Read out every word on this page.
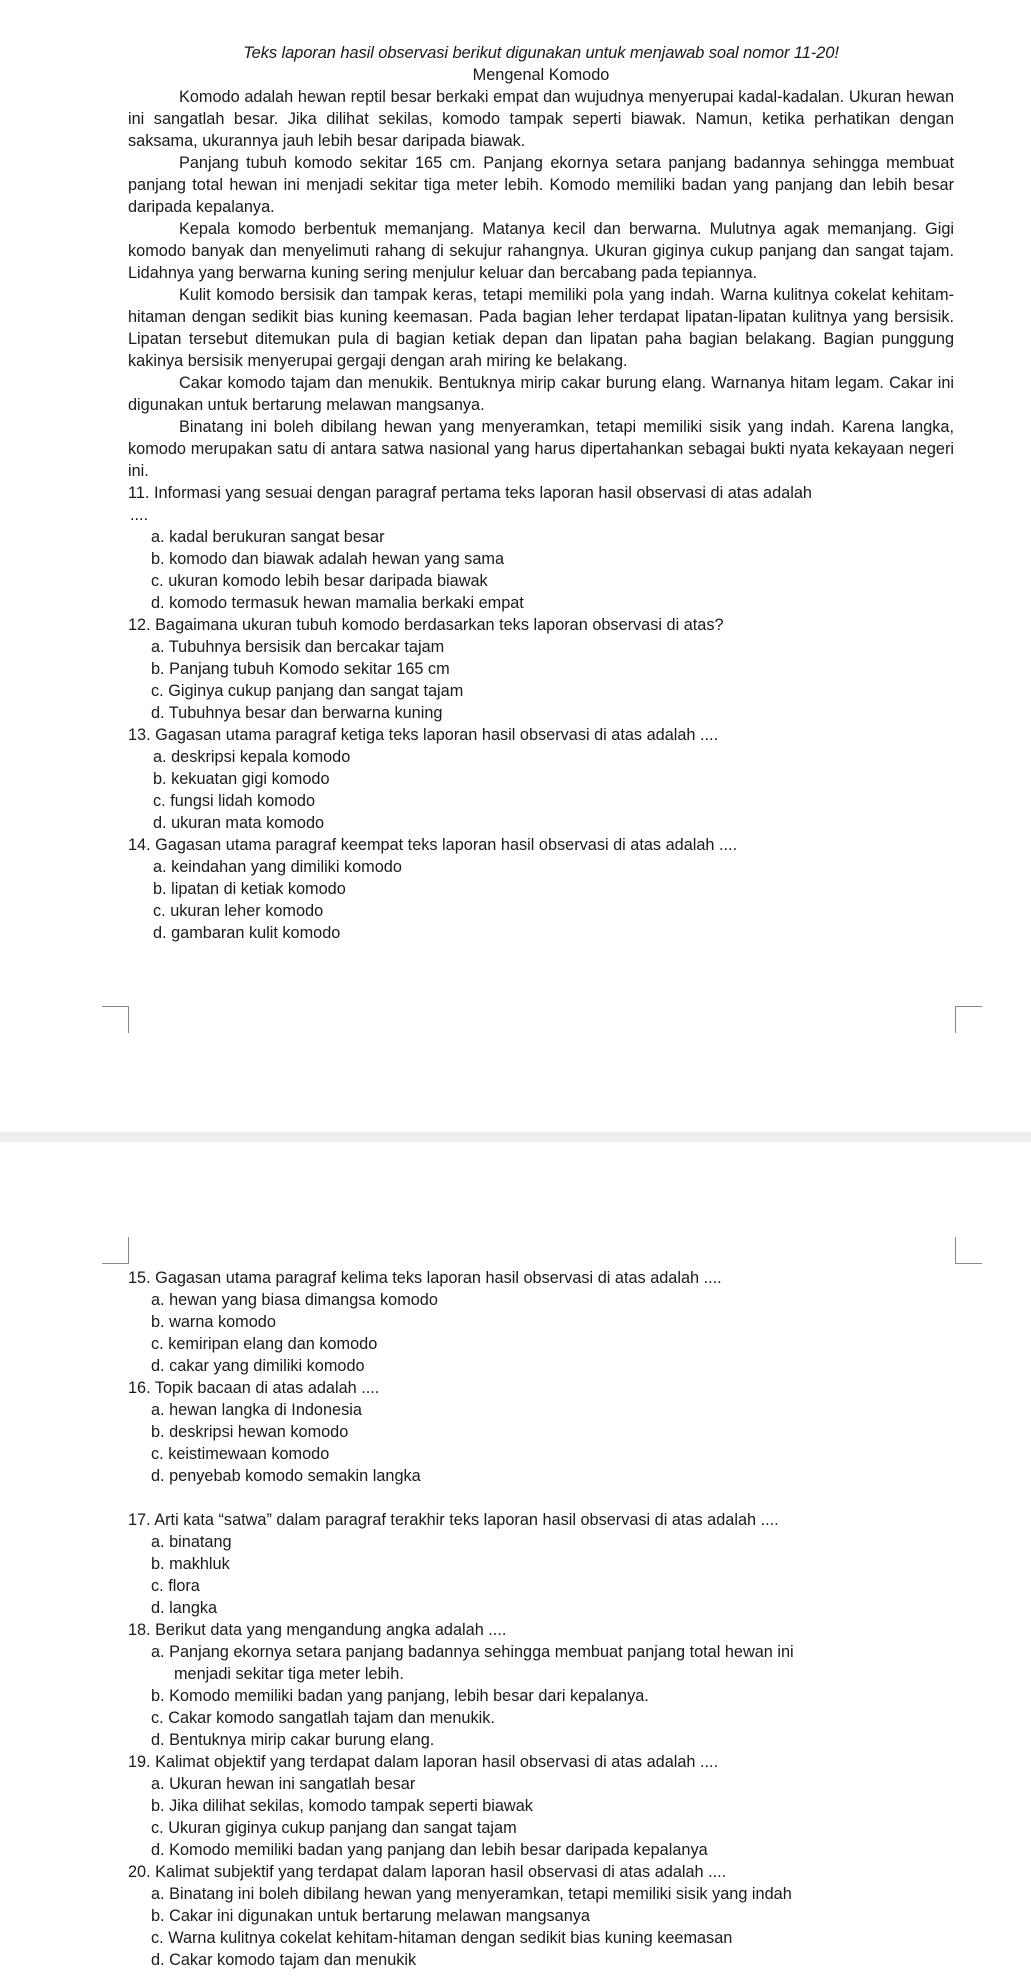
Teks laporan hasil observasi berikut digunakan untuk menjawab soal nomor 11-20!
Mengenal Komodo

Komodo adalah hewan reptil besar berkaki empat dan wujudnya menyerupai kadal-kadalan. Ukuran hewan ini sangatlah besar. Jika dilihat sekilas, komodo tampak seperti biawak. Namun, ketika perhatikan dengan saksama, ukurannya jauh lebih besar daripada biawak.

Panjang tubuh komodo sekitar 165 cm. Panjang ekornya setara panjang badannya sehingga membuat panjang total hewan ini menjadi sekitar tiga meter lebih. Komodo memiliki badan yang panjang dan lebih besar daripada kepalanya.

Kepala komodo berbentuk memanjang. Matanya kecil dan berwarna. Mulutnya agak memanjang. Gigi komodo banyak dan menyelimuti rahang di sekujur rahangnya. Ukuran giginya cukup panjang dan sangat tajam. Lidahnya yang berwarna kuning sering menjulur keluar dan bercabang pada tepiannya.

Kulit komodo bersisik dan tampak keras, tetapi memiliki pola yang indah. Warna kulitnya cokelat kehitam-hitaman dengan sedikit bias kuning keemasan. Pada bagian leher terdapat lipatan-lipatan kulitnya yang bersisik. Lipatan tersebut ditemukan pula di bagian ketiak depan dan lipatan paha bagian belakang. Bagian punggung kakinya bersisik menyerupai gergaji dengan arah miring ke belakang.

Cakar komodo tajam dan menukik. Bentuknya mirip cakar burung elang. Warnanya hitam legam. Cakar ini digunakan untuk bertarung melawan mangsanya.

Binatang ini boleh dibilang hewan yang menyeramkan, tetapi memiliki sisik yang indah. Karena langka, komodo merupakan satu di antara satwa nasional yang harus dipertahankan sebagai bukti nyata kekayaan negeri ini.

11. Informasi yang sesuai dengan paragraf pertama teks laporan hasil observasi di atas adalah

....

a. kadal berukuran sangat besar

b. komodo dan biawak adalah hewan yang sama

c. ukuran komodo lebih besar daripada biawak

d. komodo termasuk hewan mamalia berkaki empat

12. Bagaimana ukuran tubuh komodo berdasarkan teks laporan observasi di atas?

a. Tubuhnya bersisik dan bercakar tajam

b. Panjang tubuh Komodo sekitar 165 cm

c. Giginya cukup panjang dan sangat tajam

d. Tubuhnya besar dan berwarna kuning

13. Gagasan utama paragraf ketiga teks laporan hasil observasi di atas adalah ....

a. deskripsi kepala komodo

b. kekuatan gigi komodo

c. fungsi lidah komodo

d. ukuran mata komodo

14. Gagasan utama paragraf keempat teks laporan hasil observasi di atas adalah ....

a. keindahan yang dimiliki komodo

b. lipatan di ketiak komodo

c. ukuran leher komodo

d. gambaran kulit komodo

15. Gagasan utama paragraf kelima teks laporan hasil observasi di atas adalah ....

a. hewan yang biasa dimangsa komodo

b. warna komodo

c. kemiripan elang dan komodo

d. cakar yang dimiliki komodo

16. Topik bacaan di atas adalah ....

a. hewan langka di Indonesia

b. deskripsi hewan komodo

c. keistimewaan komodo

d. penyebab komodo semakin langka

17. Arti kata “satwa” dalam paragraf terakhir teks laporan hasil observasi di atas adalah ....

a. binatang

b. makhluk

c. flora

d. langka

18. Berikut data yang mengandung angka adalah ....

a. Panjang ekornya setara panjang badannya sehingga membuat panjang total hewan ini
menjadi sekitar tiga meter lebih.

b. Komodo memiliki badan yang panjang, lebih besar dari kepalanya.

c. Cakar komodo sangatlah tajam dan menukik.

d. Bentuknya mirip cakar burung elang.

19. Kalimat objektif yang terdapat dalam laporan hasil observasi di atas adalah ....

a. Ukuran hewan ini sangatlah besar

b. Jika dilihat sekilas, komodo tampak seperti biawak

c. Ukuran giginya cukup panjang dan sangat tajam

d. Komodo memiliki badan yang panjang dan lebih besar daripada kepalanya

20. Kalimat subjektif yang terdapat dalam laporan hasil observasi di atas adalah ....

a. Binatang ini boleh dibilang hewan yang menyeramkan, tetapi memiliki sisik yang indah

b. Cakar ini digunakan untuk bertarung melawan mangsanya

c. Warna kulitnya cokelat kehitam-hitaman dengan sedikit bias kuning keemasan

d. Cakar komodo tajam dan menukik
